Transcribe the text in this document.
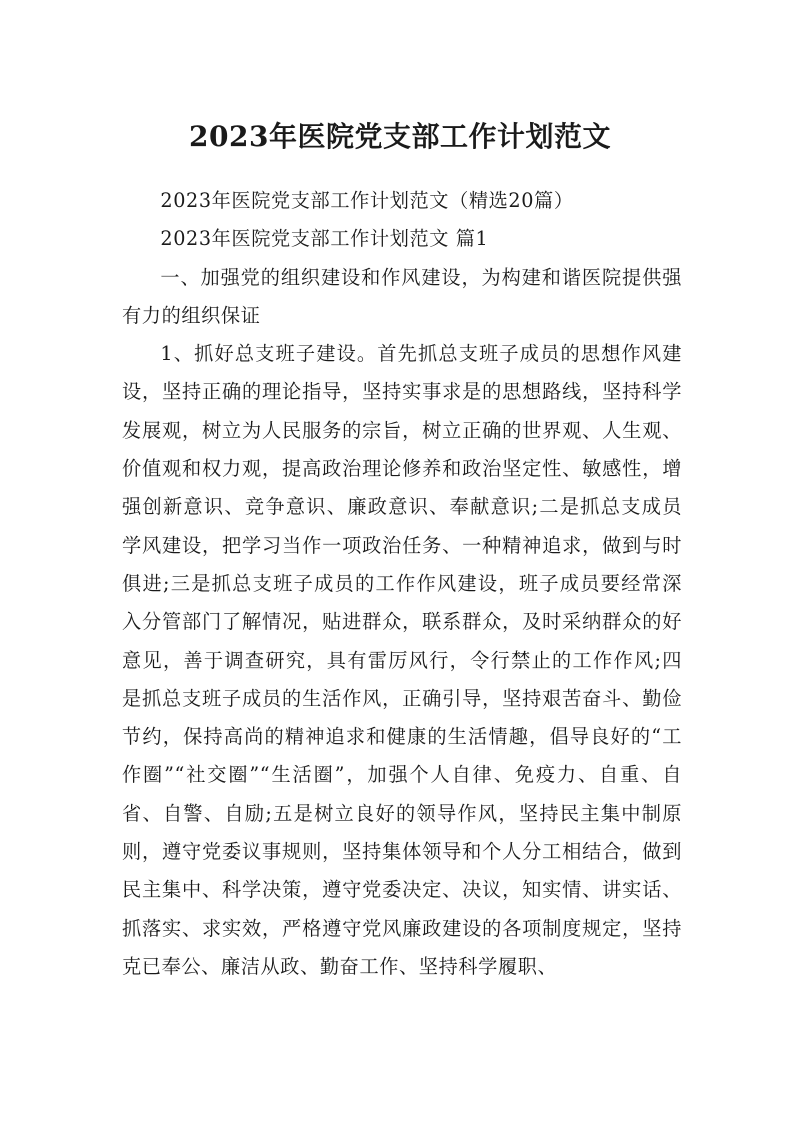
2023年医院党支部工作计划范文

2023年医院党支部工作计划范文（精选20篇）

2023年医院党支部工作计划范文 篇1

一、加强党的组织建设和作风建设，为构建和谐医院提供强有力的组织保证

1、抓好总支班子建设。首先抓总支班子成员的思想作风建设，坚持正确的理论指导，坚持实事求是的思想路线，坚持科学发展观，树立为人民服务的宗旨，树立正确的世界观、人生观、价值观和权力观，提高政治理论修养和政治坚定性、敏感性，增强创新意识、竞争意识、廉政意识、奉献意识;二是抓总支成员学风建设，把学习当作一项政治任务、一种精神追求，做到与时俱进;三是抓总支班子成员的工作作风建设，班子成员要经常深入分管部门了解情况，贴进群众，联系群众，及时采纳群众的好意见，善于调查研究，具有雷厉风行，令行禁止的工作作风;四是抓总支班子成员的生活作风，正确引导，坚持艰苦奋斗、勤俭节约，保持高尚的精神追求和健康的生活情趣，倡导良好的“工作圈”“社交圈”“生活圈”，加强个人自律、免疫力、自重、自省、自警、自励;五是树立良好的领导作风，坚持民主集中制原则，遵守党委议事规则，坚持集体领导和个人分工相结合，做到民主集中、科学决策，遵守党委决定、决议，知实情、讲实话、抓落实、求实效，严格遵守党风廉政建设的各项制度规定，坚持克已奉公、廉洁从政、勤奋工作、坚持科学履职、
